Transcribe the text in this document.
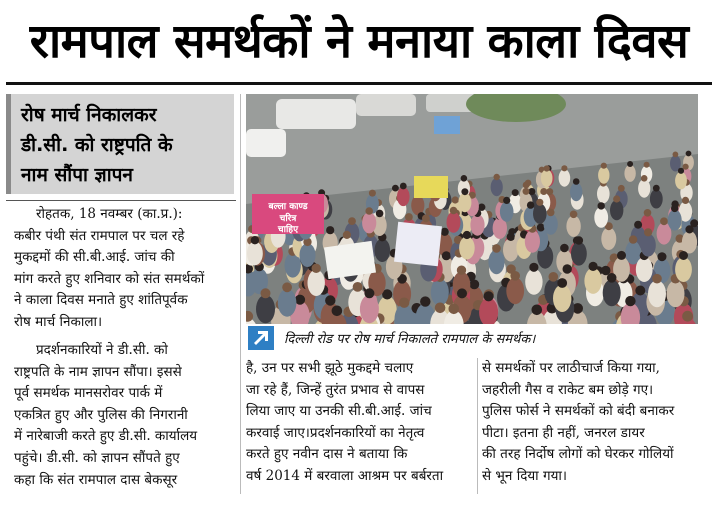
रामपाल समर्थकों ने मनाया काला दिवस
रोष मार्च निकालकर
डी.सी. को राष्ट्रपति के
नाम सौंपा ज्ञापन
रोहतक, 18 नवम्बर (का.प्र.):
कबीर पंथी संत रामपाल पर चल रहे
मुकद्दमों की सी.बी.आई. जांच की
मांग करते हुए शनिवार को संत समर्थकों
ने काला दिवस मनाते हुए शांतिपूर्वक
रोष मार्च निकाला।
प्रदर्शनकारियों ने डी.सी. को
राष्ट्रपति के नाम ज्ञापन सौंपा। इससे
पूर्व समर्थक मानसरोवर पार्क में
एकत्रित हुए और पुलिस की निगरानी
में नारेबाजी करते हुए डी.सी. कार्यालय
पहुंचे। डी.सी. को ज्ञापन सौंपते हुए
कहा कि संत रामपाल दास बेकसूर
बल्ला काण्ड
चरित्र
चाहिए
दिल्ली रोड पर रोष मार्च निकालते रामपाल के समर्थक।
है, उन पर सभी झूठे मुकद्दमे चलाए
जा रहे हैं, जिन्हें तुरंत प्रभाव से वापस
लिया जाए या उनकी सी.बी.आई. जांच
करवाई जाए।प्रदर्शनकारियों का नेतृत्व
करते हुए नवीन दास ने बताया कि
वर्ष 2014 में बरवाला आश्रम पर बर्बरता
से समर्थकों पर लाठीचार्ज किया गया,
जहरीली गैस व राकेट बम छोड़े गए।
पुलिस फोर्स ने समर्थकों को बंदी बनाकर
पीटा। इतना ही नहीं, जनरल डायर
की तरह निर्दोष लोगों को घेरकर गोलियों
से भून दिया गया।
